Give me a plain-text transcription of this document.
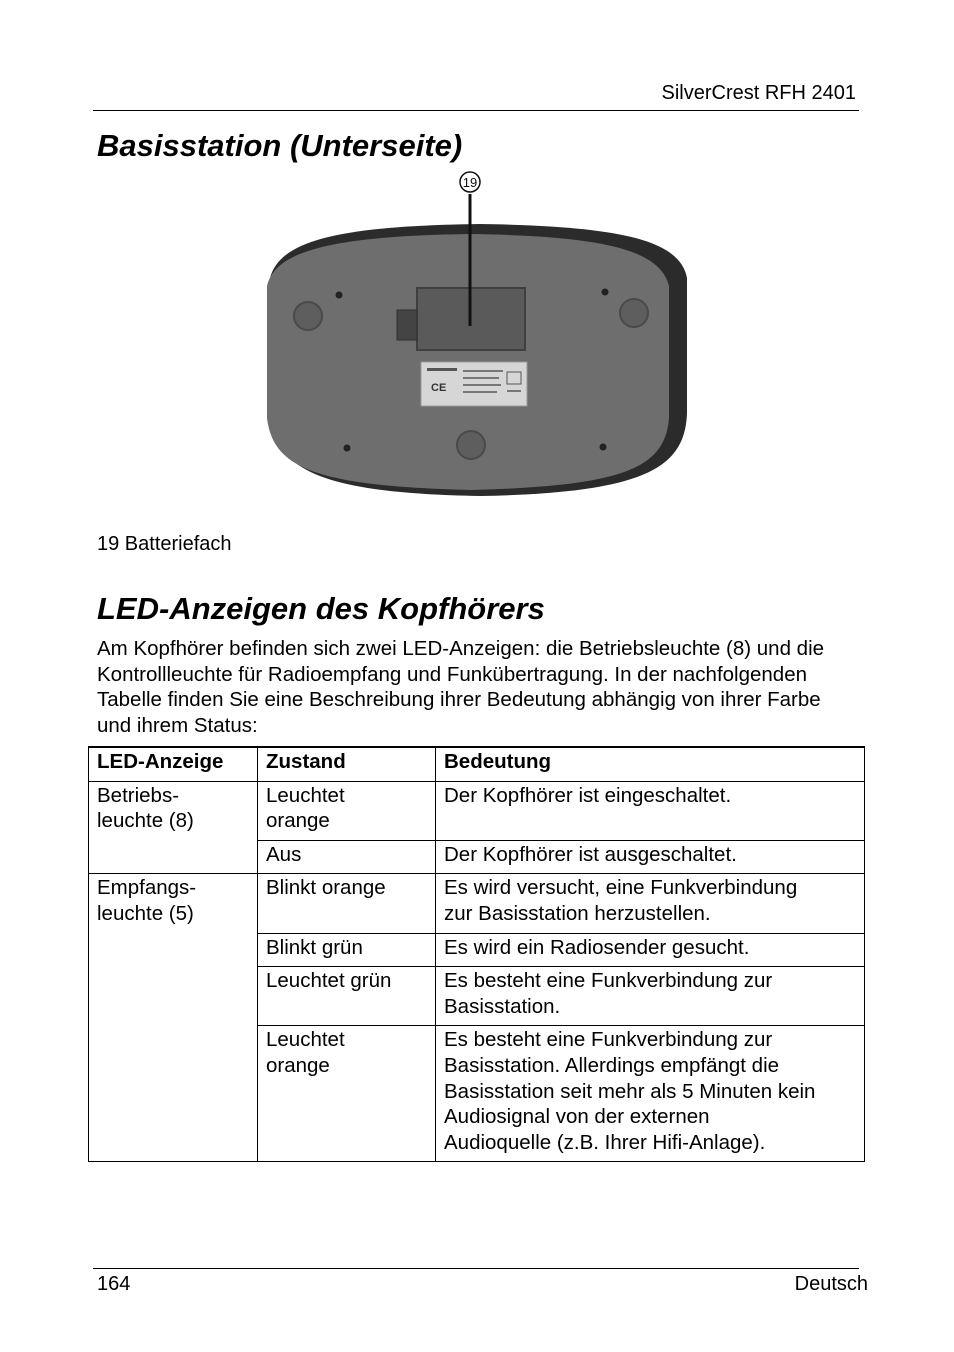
SilverCrest RFH 2401
Basisstation (Unterseite)
CE
19
19 Batteriefach
LED-Anzeigen des Kopfhörers

Am Kopfhörer befinden sich zwei LED-Anzeigen: die Betriebsleuchte (8) und die Kontrollleuchte für Radioempfang und Funkübertragung. In der nachfolgenden Tabelle finden Sie eine Beschreibung ihrer Bedeutung abhängig von ihrer Farbe und ihrem Status:

LED-Anzeige	Zustand	Bedeutung
Betriebs-
leuchte (8)	Leuchtet
orange	Der Kopfhörer ist eingeschaltet.
	Aus	Der Kopfhörer ist ausgeschaltet.
Empfangs-
leuchte (5)	Blinkt orange	Es wird versucht, eine Funkverbindung
zur Basisstation herzustellen.
	Blinkt grün	Es wird ein Radiosender gesucht.
	Leuchtet grün	Es besteht eine Funkverbindung zur
Basisstation.
	Leuchtet
orange	Es besteht eine Funkverbindung zur
Basisstation. Allerdings empfängt die
Basisstation seit mehr als 5 Minuten kein
Audiosignal von der externen
Audioquelle (z.B. Ihrer Hifi-Anlage).
164	Deutsch
